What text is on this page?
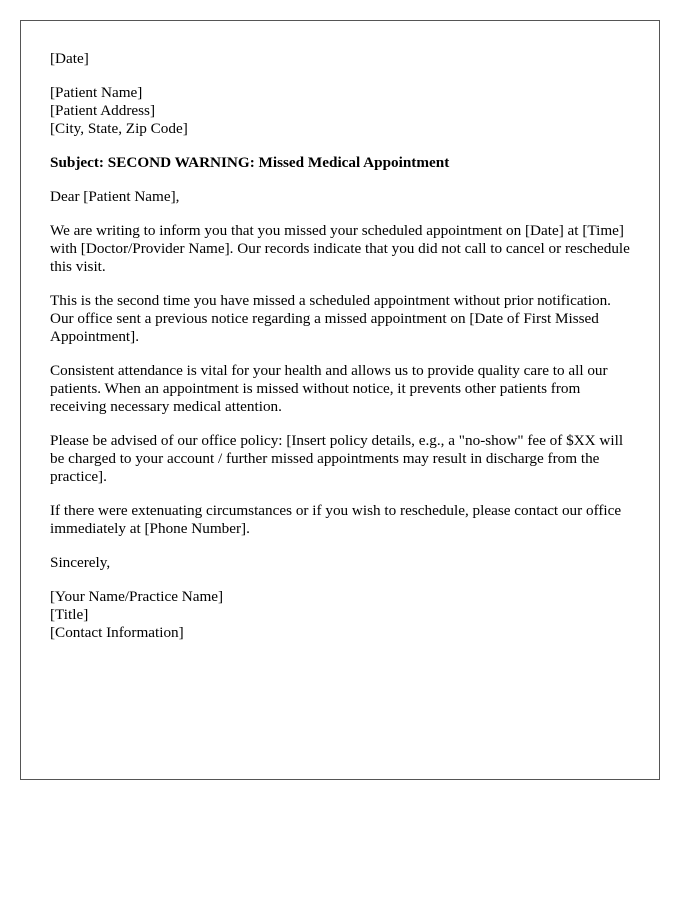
[Date]

[Patient Name]

[Patient Address]

[City, State, Zip Code]

Subject: SECOND WARNING: Missed Medical Appointment

Dear [Patient Name],

We are writing to inform you that you missed your scheduled appointment on [Date] at [Time] with [Doctor/Provider Name]. Our records indicate that you did not call to cancel or reschedule this visit.

This is the second time you have missed a scheduled appointment without prior notification. Our office sent a previous notice regarding a missed appointment on [Date of First Missed Appointment].

Consistent attendance is vital for your health and allows us to provide quality care to all our patients. When an appointment is missed without notice, it prevents other patients from receiving necessary medical attention.

Please be advised of our office policy: [Insert policy details, e.g., a "no-show" fee of $XX will be charged to your account / further missed appointments may result in discharge from the practice].

If there were extenuating circumstances or if you wish to reschedule, please contact our office immediately at [Phone Number].

Sincerely,

[Your Name/Practice Name]

[Title]

[Contact Information]
